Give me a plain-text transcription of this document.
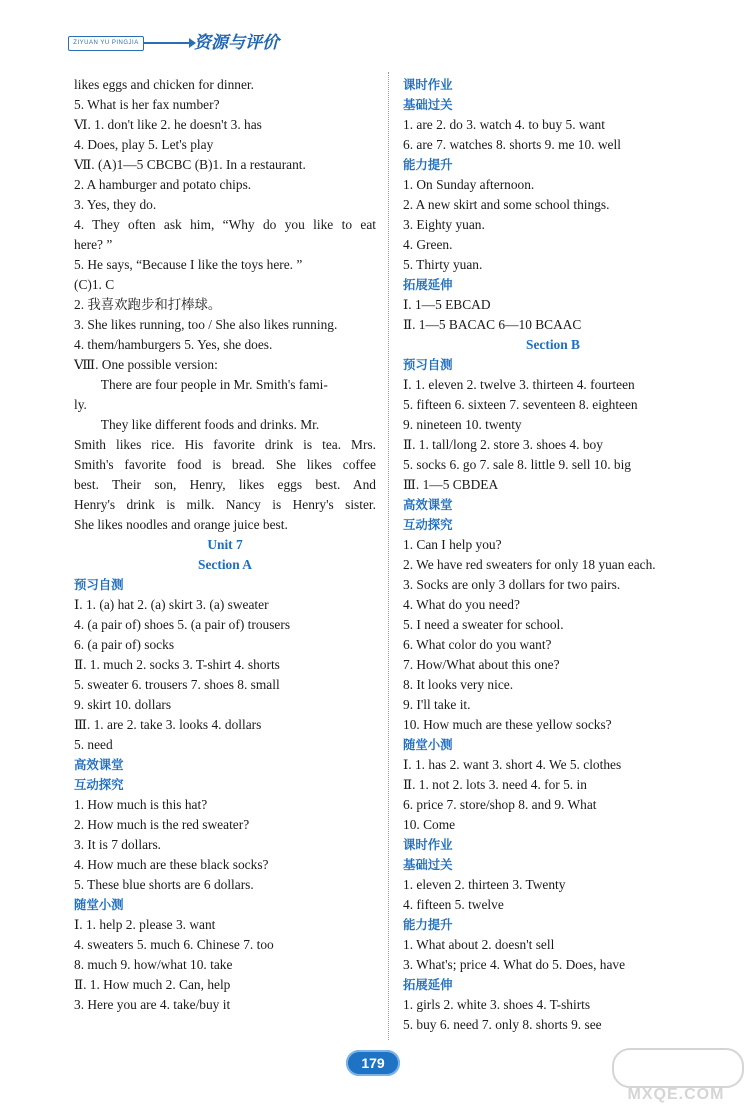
ZIYUAN YU PINGJIA	资源与评价
likes eggs and chicken for dinner.
5. What is her fax number?
Ⅵ. 1. don't like 2. he doesn't 3. has
4. Does, play 5. Let's play
Ⅶ. (A)1—5 CBCBC (B)1. In a restaurant.
2. A hamburger and potato chips.
3. Yes, they do.
4. They often ask him, “Why do you like to eat
here? ”
5. He says, “Because I like the toys here. ”
(C)1. C
2. 我喜欢跑步和打棒球。
3. She likes running, too / She also likes running.
4. them/hamburgers 5. Yes, she does.
Ⅷ. One possible version:
There are four people in Mr. Smith's fami-
ly.
They like different foods and drinks. Mr.
Smith likes rice. His favorite drink is tea. Mrs.
Smith's favorite food is bread. She likes coffee
best. Their son, Henry, likes eggs best. And
Henry's drink is milk. Nancy is Henry's sister.
She likes noodles and orange juice best.
Unit 7
Section A
预习自测
Ⅰ. 1. (a) hat 2. (a) skirt 3. (a) sweater
4. (a pair of) shoes 5. (a pair of) trousers
6. (a pair of) socks
Ⅱ. 1. much 2. socks 3. T-shirt 4. shorts
5. sweater 6. trousers 7. shoes 8. small
9. skirt 10. dollars
Ⅲ. 1. are 2. take 3. looks 4. dollars
5. need
高效课堂
互动探究
1. How much is this hat?
2. How much is the red sweater?
3. It is 7 dollars.
4. How much are these black socks?
5. These blue shorts are 6 dollars.
随堂小测
Ⅰ. 1. help 2. please 3. want
4. sweaters 5. much 6. Chinese 7. too
8. much 9. how/what 10. take
Ⅱ. 1. How much 2. Can, help
3. Here you are 4. take/buy it
课时作业
基础过关
1. are 2. do 3. watch 4. to buy 5. want
6. are 7. watches 8. shorts 9. me 10. well
能力提升
1. On Sunday afternoon.
2. A new skirt and some school things.
3. Eighty yuan.
4. Green.
5. Thirty yuan.
拓展延伸
Ⅰ. 1—5 EBCAD
Ⅱ. 1—5 BACAC 6—10 BCAAC
Section B
预习自测
Ⅰ. 1. eleven 2. twelve 3. thirteen 4. fourteen
5. fifteen 6. sixteen 7. seventeen 8. eighteen
9. nineteen 10. twenty
Ⅱ. 1. tall/long 2. store 3. shoes 4. boy
5. socks 6. go 7. sale 8. little 9. sell 10. big
Ⅲ. 1—5 CBDEA
高效课堂
互动探究
1. Can I help you?
2. We have red sweaters for only 18 yuan each.
3. Socks are only 3 dollars for two pairs.
4. What do you need?
5. I need a sweater for school.
6. What color do you want?
7. How/What about this one?
8. It looks very nice.
9. I'll take it.
10. How much are these yellow socks?
随堂小测
Ⅰ. 1. has 2. want 3. short 4. We 5. clothes
Ⅱ. 1. not 2. lots 3. need 4. for 5. in
6. price 7. store/shop 8. and 9. What
10. Come
课时作业
基础过关
1. eleven 2. thirteen 3. Twenty
4. fifteen 5. twelve
能力提升
1. What about 2. doesn't sell
3. What's; price 4. What do 5. Does, have
拓展延伸
1. girls 2. white 3. shoes 4. T-shirts
5. buy 6. need 7. only 8. shorts 9. see
179
MXQE.COM
